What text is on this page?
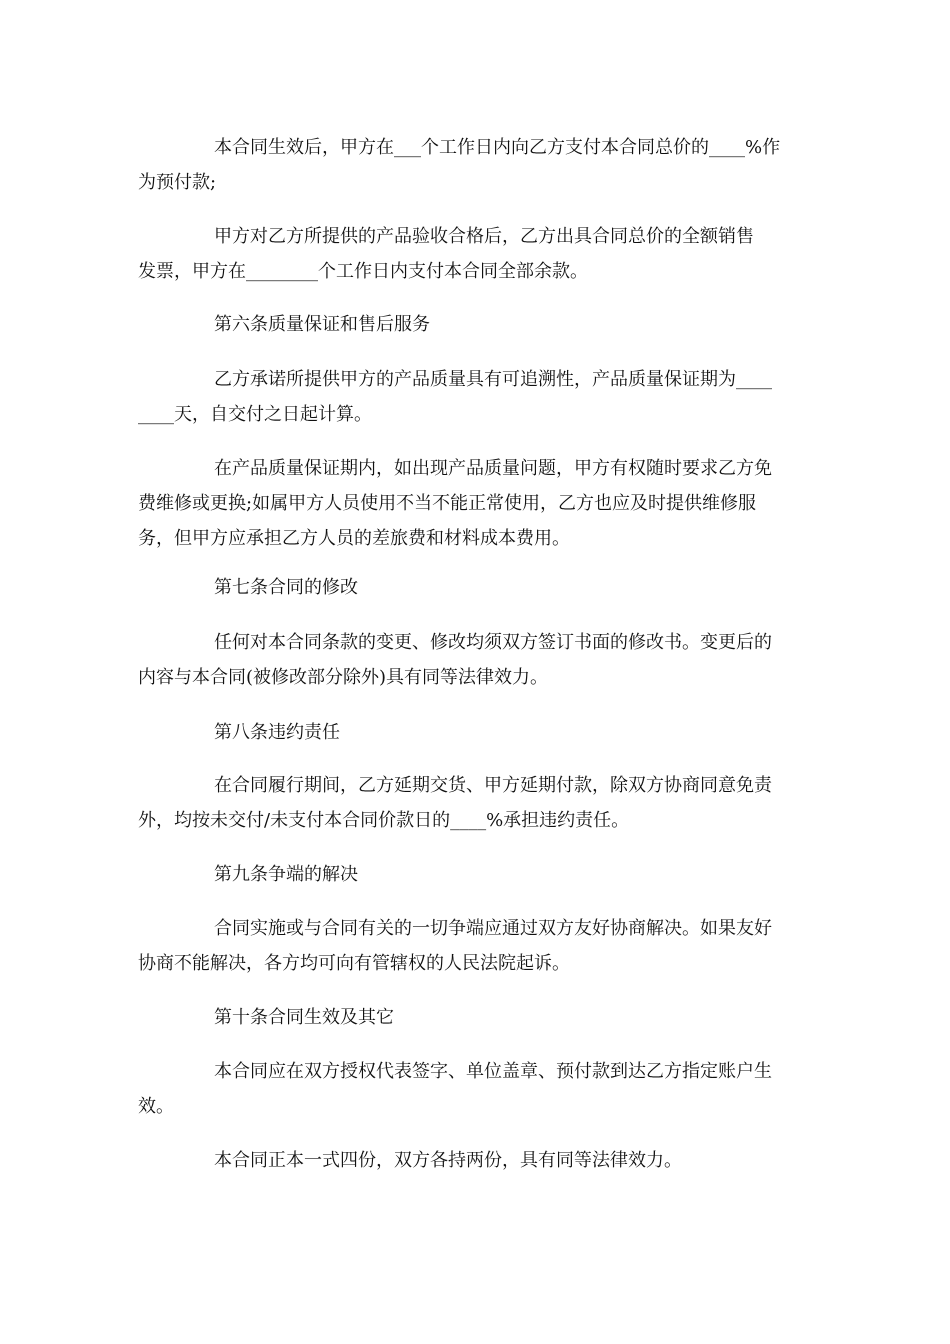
本合同生效后，甲方在___个工作日内向乙方支付本合同总价的____%作
为预付款;

甲方对乙方所提供的产品验收合格后，乙方出具合同总价的全额销售
发票，甲方在________个工作日内支付本合同全部余款。

第六条质量保证和售后服务

乙方承诺所提供甲方的产品质量具有可追溯性，产品质量保证期为____
____天，自交付之日起计算。

在产品质量保证期内，如出现产品质量问题，甲方有权随时要求乙方免
费维修或更换;如属甲方人员使用不当不能正常使用，乙方也应及时提供维修服
务，但甲方应承担乙方人员的差旅费和材料成本费用。

第七条合同的修改

任何对本合同条款的变更、修改均须双方签订书面的修改书。变更后的
内容与本合同(被修改部分除外)具有同等法律效力。

第八条违约责任

在合同履行期间，乙方延期交货、甲方延期付款，除双方协商同意免责
外，均按未交付/未支付本合同价款日的____%承担违约责任。

第九条争端的解决

合同实施或与合同有关的一切争端应通过双方友好协商解决。如果友好
协商不能解决，各方均可向有管辖权的人民法院起诉。

第十条合同生效及其它

本合同应在双方授权代表签字、单位盖章、预付款到达乙方指定账户生
效。

本合同正本一式四份，双方各持两份，具有同等法律效力。
